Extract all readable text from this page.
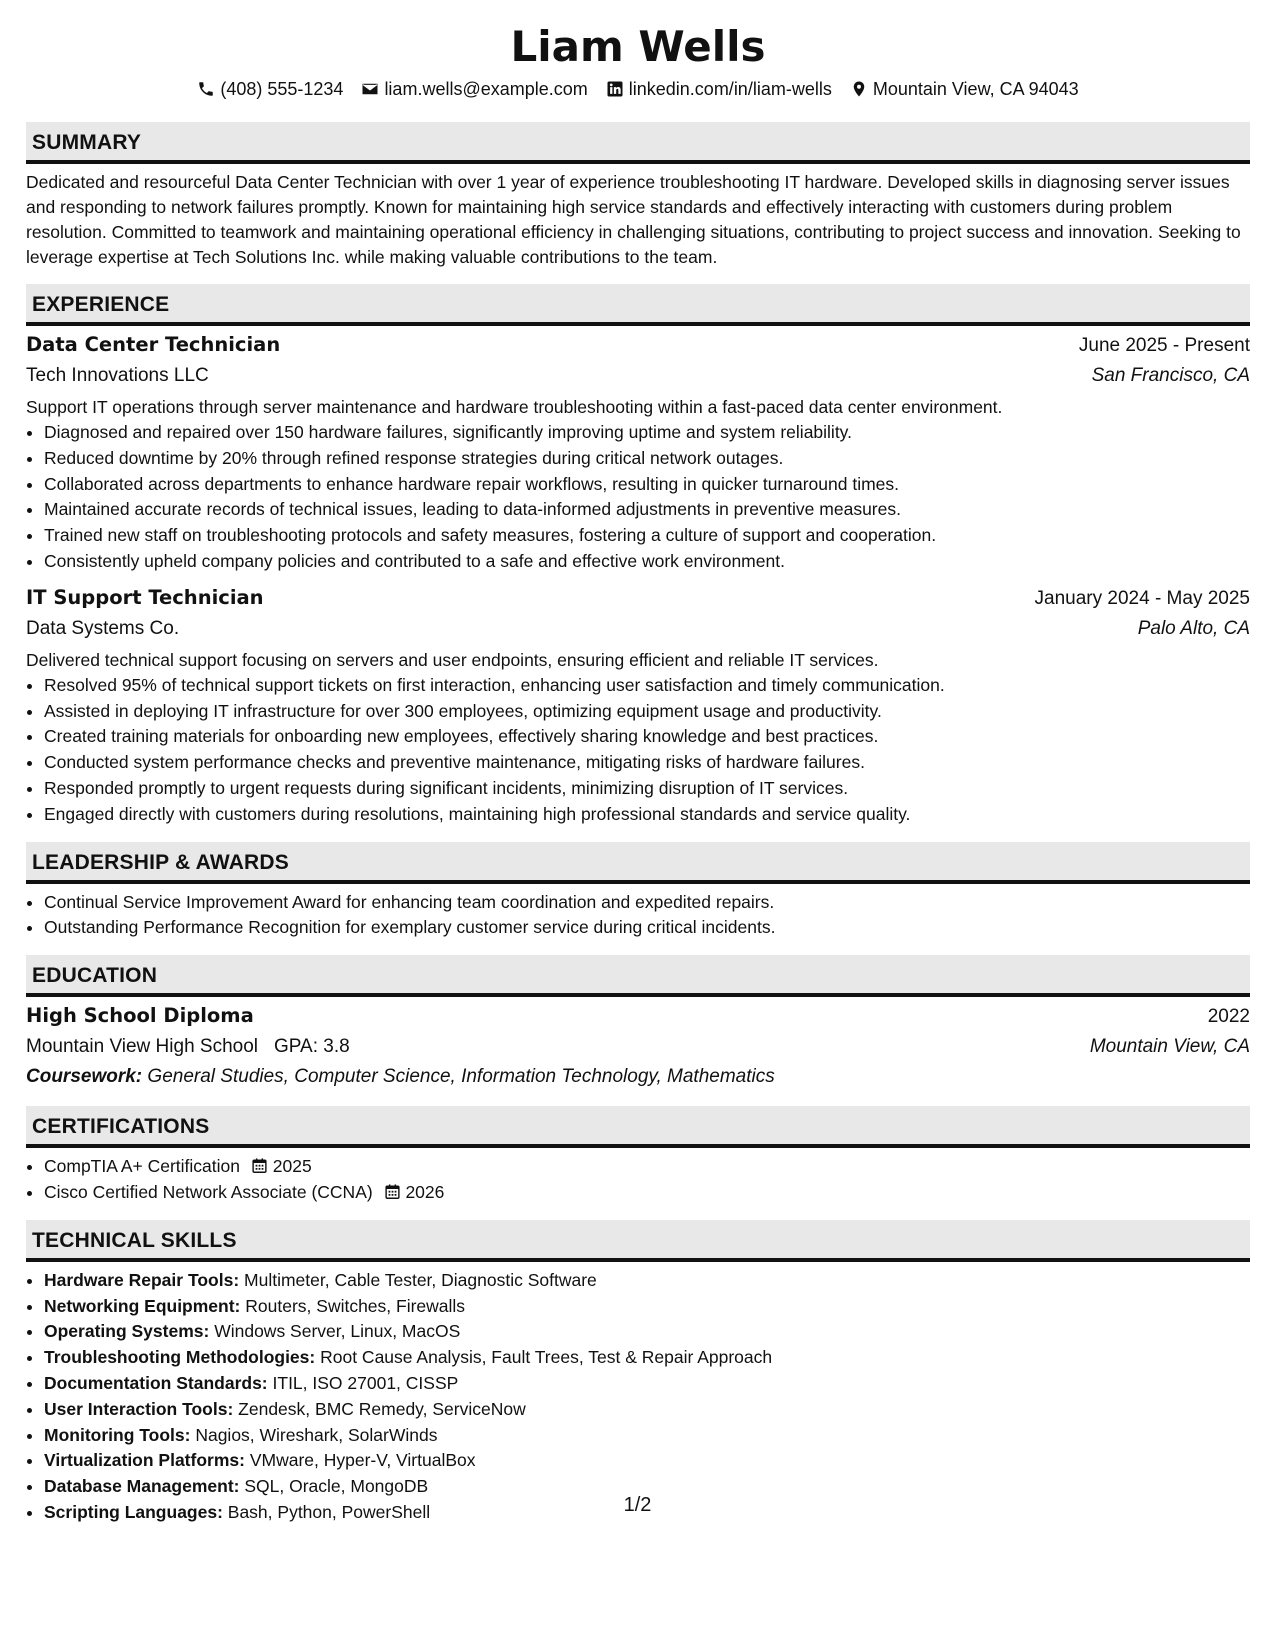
Liam Wells
(408) 555-1234 liam.wells@example.com linkedin.com/in/liam-wells Mountain View, CA 94043
SUMMARY

Dedicated and resourceful Data Center Technician with over 1 year of experience troubleshooting IT hardware. Developed skills in diagnosing server issues and responding to network failures promptly. Known for maintaining high service standards and effectively interacting with customers during problem resolution. Committed to teamwork and maintaining operational efficiency in challenging situations, contributing to project success and innovation. Seeking to leverage expertise at Tech Solutions Inc. while making valuable contributions to the team.

EXPERIENCE
Data Center Technician	June 2025 - Present
Tech Innovations LLC	San Francisco, CA
Support IT operations through server maintenance and hardware troubleshooting within a fast-paced data center environment.
• Diagnosed and repaired over 150 hardware failures, significantly improving uptime and system reliability.
• Reduced downtime by 20% through refined response strategies during critical network outages.
• Collaborated across departments to enhance hardware repair workflows, resulting in quicker turnaround times.
• Maintained accurate records of technical issues, leading to data-informed adjustments in preventive measures.
• Trained new staff on troubleshooting protocols and safety measures, fostering a culture of support and cooperation.
• Consistently upheld company policies and contributed to a safe and effective work environment.
IT Support Technician	January 2024 - May 2025
Data Systems Co.	Palo Alto, CA
Delivered technical support focusing on servers and user endpoints, ensuring efficient and reliable IT services.
• Resolved 95% of technical support tickets on first interaction, enhancing user satisfaction and timely communication.
• Assisted in deploying IT infrastructure for over 300 employees, optimizing equipment usage and productivity.
• Created training materials for onboarding new employees, effectively sharing knowledge and best practices.
• Conducted system performance checks and preventive maintenance, mitigating risks of hardware failures.
• Responded promptly to urgent requests during significant incidents, minimizing disruption of IT services.
• Engaged directly with customers during resolutions, maintaining high professional standards and service quality.
LEADERSHIP & AWARDS
• Continual Service Improvement Award for enhancing team coordination and expedited repairs.
• Outstanding Performance Recognition for exemplary customer service during critical incidents.
EDUCATION
High School Diploma	2022
Mountain View High School GPA: 3.8	Mountain View, CA
Coursework: General Studies, Computer Science, Information Technology, Mathematics
CERTIFICATIONS
• CompTIA A+ Certification 2025
• Cisco Certified Network Associate (CCNA) 2026
TECHNICAL SKILLS
• Hardware Repair Tools: Multimeter, Cable Tester, Diagnostic Software
• Networking Equipment: Routers, Switches, Firewalls
• Operating Systems: Windows Server, Linux, MacOS
• Troubleshooting Methodologies: Root Cause Analysis, Fault Trees, Test & Repair Approach
• Documentation Standards: ITIL, ISO 27001, CISSP
• User Interaction Tools: Zendesk, BMC Remedy, ServiceNow
• Monitoring Tools: Nagios, Wireshark, SolarWinds
• Virtualization Platforms: VMware, Hyper-V, VirtualBox
• Database Management: SQL, Oracle, MongoDB
• Scripting Languages: Bash, Python, PowerShell	1/2
